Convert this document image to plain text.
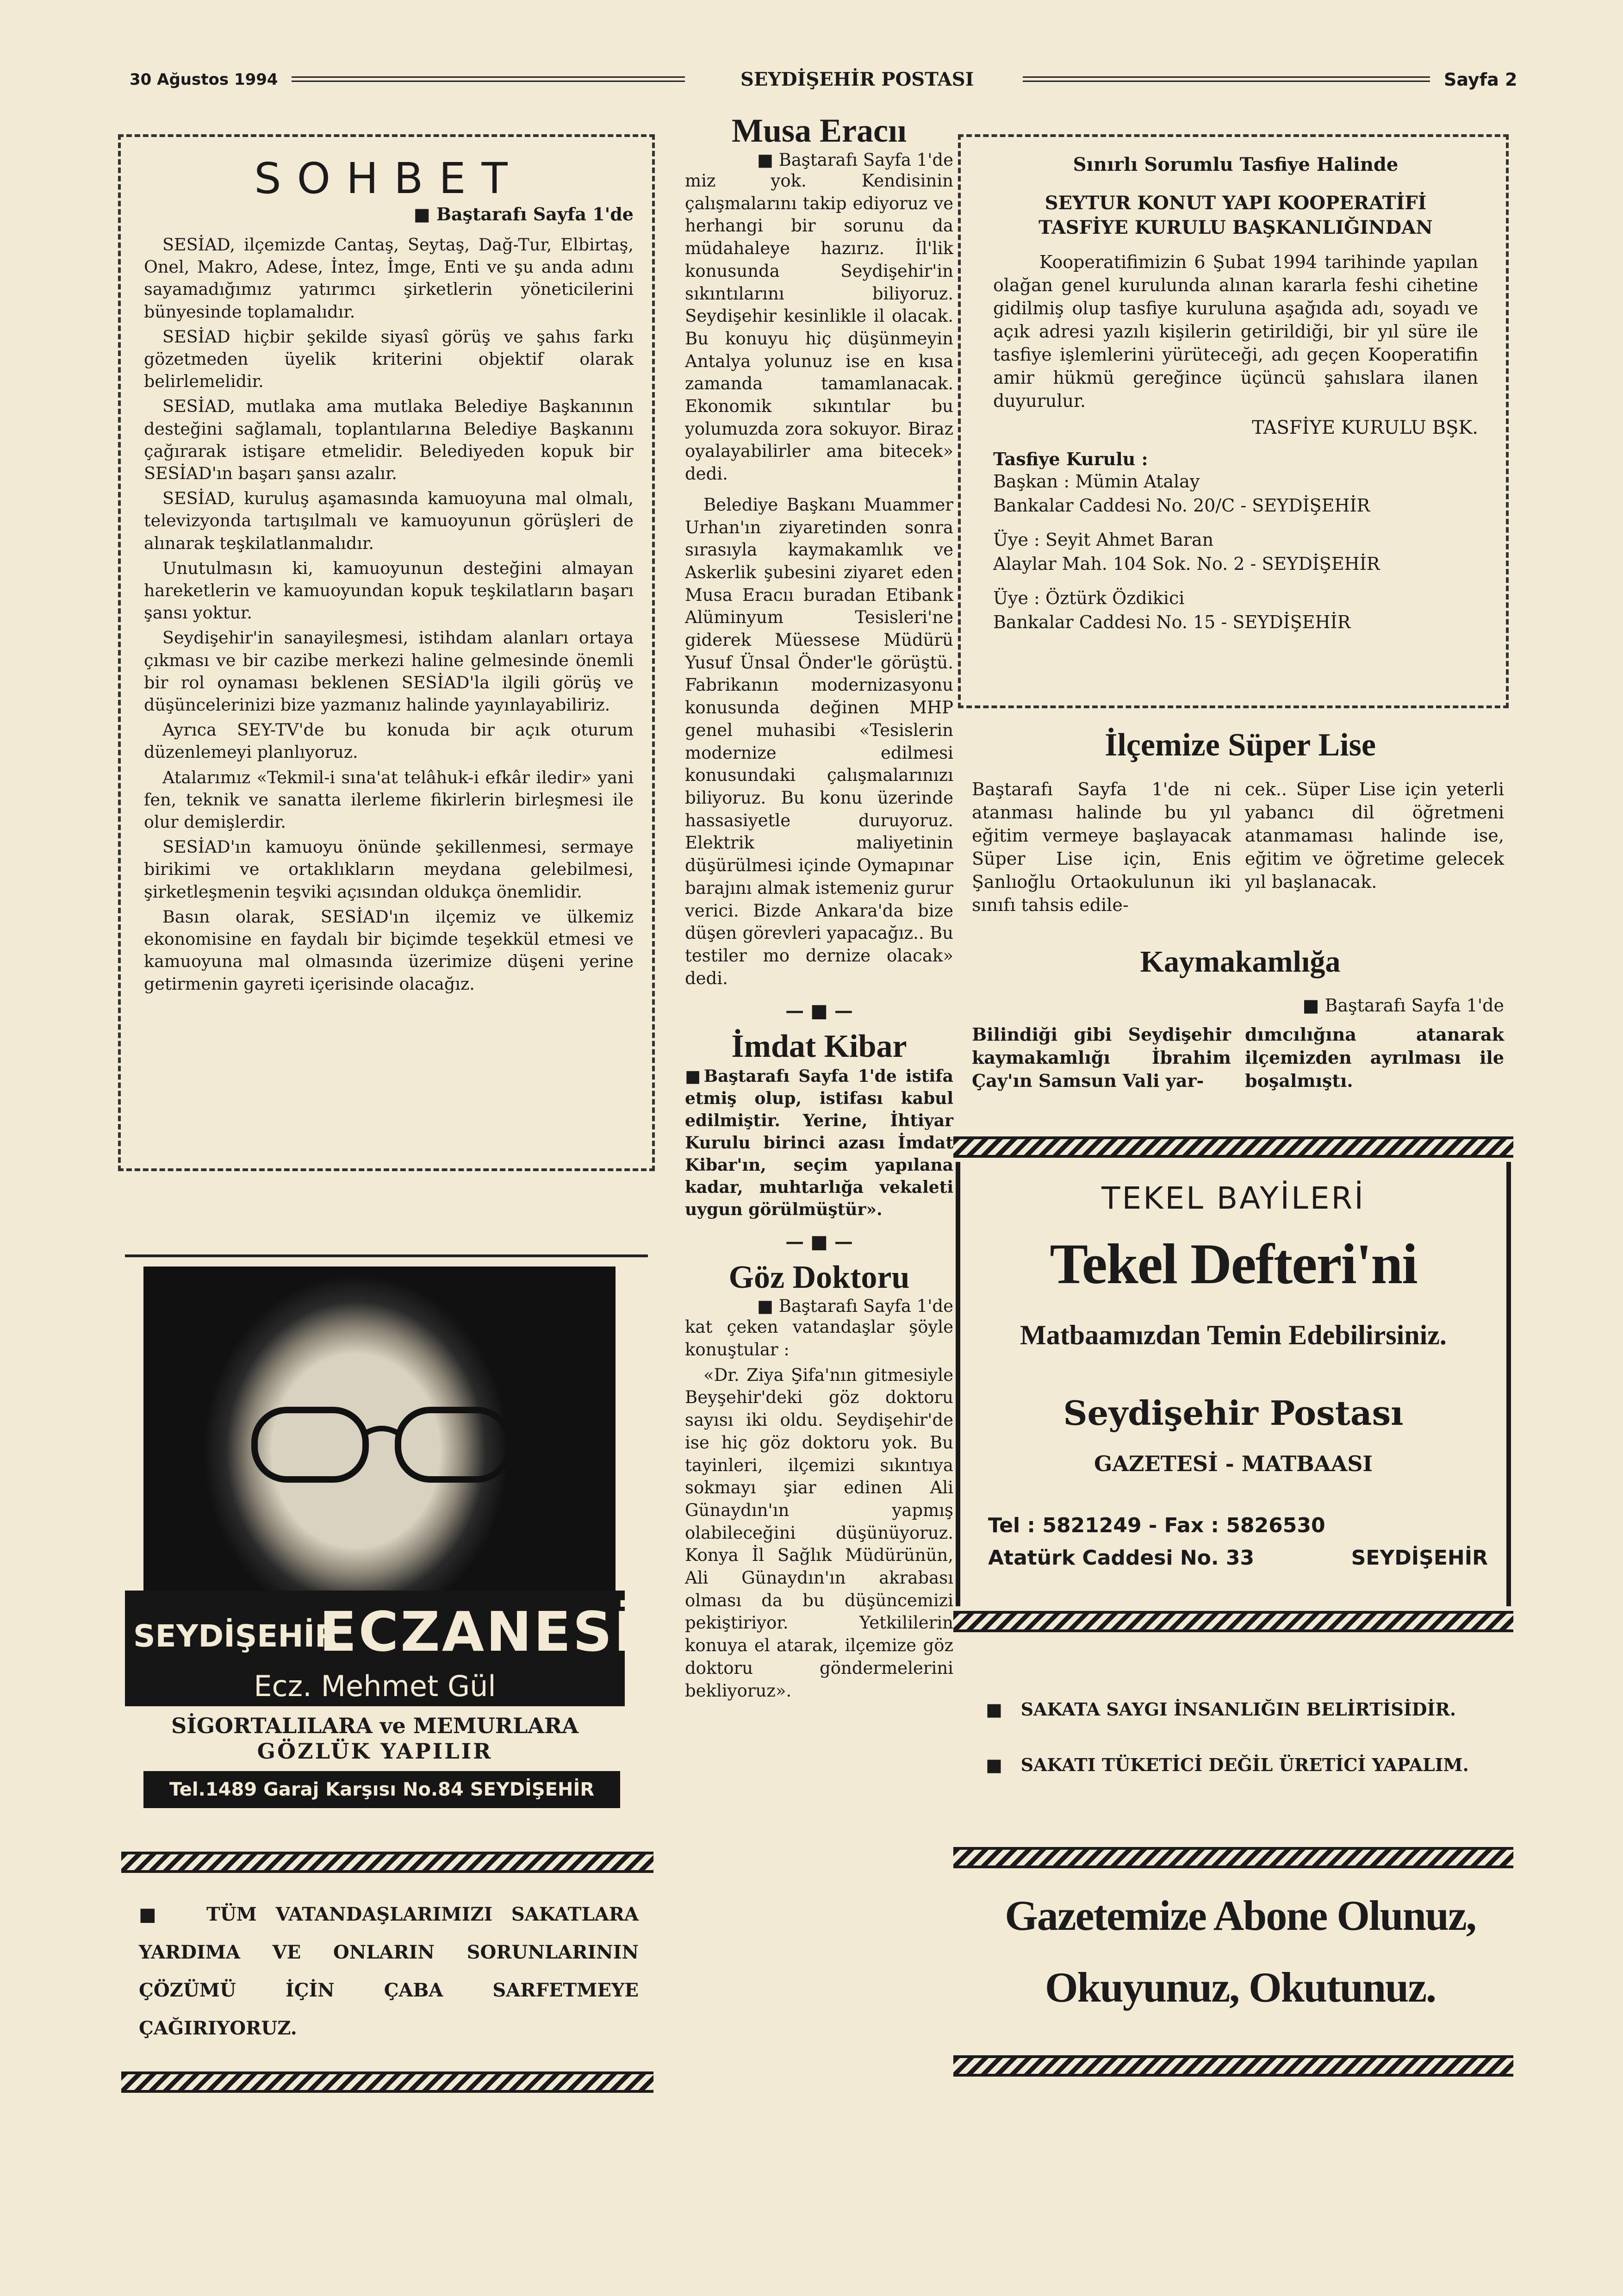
30 Ağustos 1994	SEYDİŞEHİR POSTASI	Sayfa 2
SOHBET
■ Baştarafı Sayfa 1'de

SESİAD, ilçemizde Cantaş, Seytaş, Dağ-Tur, Elbirtaş, Onel, Makro, Adese, İntez, İmge, Enti ve şu anda adını sayamadığımız yatırımcı şirketlerin yöneticilerini bünyesinde toplamalıdır.

SESİAD hiçbir şekilde siyasî görüş ve şahıs farkı gözetmeden üyelik kriterini objektif olarak belirlemelidir.

SESİAD, mutlaka ama mutlaka Belediye Başkanının desteğini sağlamalı, toplantılarına Belediye Başkanını çağırarak istişare etmelidir. Belediyeden kopuk bir SESİAD'ın başarı şansı azalır.

SESİAD, kuruluş aşamasında kamuoyuna mal olmalı, televizyonda tartışılmalı ve kamuoyunun görüşleri de alınarak teşkilatlanmalıdır.

Unutulmasın ki, kamuoyunun desteğini almayan hareketlerin ve kamuoyundan kopuk teşkilatların başarı şansı yoktur.

Seydişehir'in sanayileşmesi, istihdam alanları ortaya çıkması ve bir cazibe merkezi haline gelmesinde önemli bir rol oynaması beklenen SESİAD'la ilgili görüş ve düşüncelerinizi bize yazmanız halinde yayınlayabiliriz.

Ayrıca SEY-TV'de bu konuda bir açık oturum düzenlemeyi planlıyoruz.

Atalarımız «Tekmil-i sına'at telâhuk-i efkâr iledir» yani fen, teknik ve sanatta ilerleme fikirlerin birleşmesi ile olur demişlerdir.

SESİAD'ın kamuoyu önünde şekillenmesi, sermaye birikimi ve ortaklıkların meydana gelebilmesi, şirketleşmenin teşviki açısından oldukça önemlidir.

Basın olarak, SESİAD'ın ilçemiz ve ülkemiz ekonomisine en faydalı bir biçimde teşekkül etmesi ve kamuoyuna mal olmasında üzerimize düşeni yerine getirmenin gayreti içerisinde olacağız.

fenni
gözlük
SEYDİŞEHİR
ECZANESİ
Ecz. Mehmet Gül
SİGORTALILARA ve MEMURLARA
GÖZLÜK YAPILIR
Tel.1489 Garaj Karşısı No.84 SEYDİŞEHİR
■  TÜM VATANDAŞLARIMIZI SAKATLARA YARDIMA VE ONLARIN SORUNLARININ ÇÖZÜMÜ İÇİN ÇABA SARFETMEYE ÇAĞIRIYORUZ.
Musa Eracıı
■ Baştarafı Sayfa 1'de

miz yok. Kendisinin çalışmalarını takip ediyoruz ve herhangi bir sorunu da müdahaleye hazırız. İl'lik konusunda Seydişehir'in sıkıntılarını biliyoruz. Seydişehir kesinlikle il olacak. Bu konuyu hiç düşünmeyin Antalya yolunuz ise en kısa zamanda tamamlanacak. Ekonomik sıkıntılar bu yolumuzda zora sokuyor. Biraz oyalayabilirler ama bitecek» dedi.

Belediye Başkanı Muammer Urhan'ın ziyaretinden sonra sırasıyla kaymakamlık ve Askerlik şubesini ziyaret eden Musa Eracıı buradan Etibank Alüminyum Tesisleri'ne giderek Müessese Müdürü Yusuf Ünsal Önder'le görüştü. Fabrikanın modernizasyonu konusunda değinen MHP genel muhasibi «Tesislerin modernize edilmesi konusundaki çalışmalarınızı biliyoruz. Bu konu üzerinde hassasiyetle duruyoruz. Elektrik maliyetinin düşürülmesi içinde Oymapınar barajını almak istemeniz gurur verici. Bizde Ankara'da bize düşen görevleri yapacağız.. Bu testiler mo dernize olacak» dedi.

— ■ —
İmdat Kibar
■Baştarafı Sayfa 1'de istifa etmiş olup, istifası kabul edilmiştir. Yerine, İhtiyar Kurulu birinci azası İmdat Kibar'ın, seçim yapılana kadar, muhtarlığa vekaleti uygun görülmüştür».
— ■ —
Göz Doktoru
■ Baştarafı Sayfa 1'de

kat çeken vatandaşlar şöyle konuştular :

«Dr. Ziya Şifa'nın gitmesiyle Beyşehir'deki göz doktoru sayısı iki oldu. Seydişehir'de ise hiç göz doktoru yok. Bu tayinleri, ilçemizi sıkıntıya sokmayı şiar edinen Ali Günaydın'ın yapmış olabileceğini düşünüyoruz. Konya İl Sağlık Müdürünün, Ali Günaydın'ın akrabası olması da bu düşüncemizi pekiştiriyor. Yetkililerin konuya el atarak, ilçemize göz doktoru göndermelerini bekliyoruz».

Sınırlı Sorumlu Tasfiye Halinde
SEYTUR KONUT YAPI KOOPERATİFİ
TASFİYE KURULU BAŞKANLIĞINDAN
Kooperatifimizin 6 Şubat 1994 tarihinde yapılan olağan genel kurulunda alınan kararla feshi cihetine gidilmiş olup tasfiye kuruluna aşağıda adı, soyadı ve açık adresi yazılı kişilerin getirildiği, bir yıl süre ile tasfiye işlemlerini yürüteceği, adı geçen Kooperatifin amir hükmü gereğince üçüncü şahıslara ilanen duyurulur.
TASFİYE KURULU BŞK.
Tasfiye Kurulu :
Başkan : Mümin Atalay
Bankalar Caddesi No. 20/C - SEYDİŞEHİR
Üye : Seyit Ahmet Baran
Alaylar Mah. 104 Sok. No. 2 - SEYDİŞEHİR
Üye : Öztürk Özdikici
Bankalar Caddesi No. 15 - SEYDİŞEHİR
İlçemize Süper Lise
Baştarafı Sayfa 1'de ni atanması halinde bu yıl eğitim vermeye başlayacak Süper Lise için, Enis Şanlıoğlu Ortaokulunun iki sınıfı tahsis edile-
cek.. Süper Lise için yeterli yabancı dil öğretmeni atanmaması halinde ise, eğitim ve öğretime gelecek yıl başlanacak.
Kaymakamlığa
■ Baştarafı Sayfa 1'de
Bilindiği gibi Seydişehir kaymakamlığı İbrahim Çay'ın Samsun Vali yar-
dımcılığına atanarak ilçemizden ayrılması ile boşalmıştı.
TEKEL BAYİLERİ
Tekel Defteri'ni
Matbaamızdan Temin Edebilirsiniz.
Seydişehir Postası
GAZETESİ - MATBAASI
Tel : 5821249 - Fax : 5826530
Atatürk Caddesi No. 33	SEYDİŞEHİR
■   SAKATA SAYGI İNSANLIĞIN BELİRTİSİDİR.
■   SAKATI TÜKETİCİ DEĞİL ÜRETİCİ YAPALIM.
Gazetemize Abone Olunuz,
Okuyunuz, Okutunuz.
